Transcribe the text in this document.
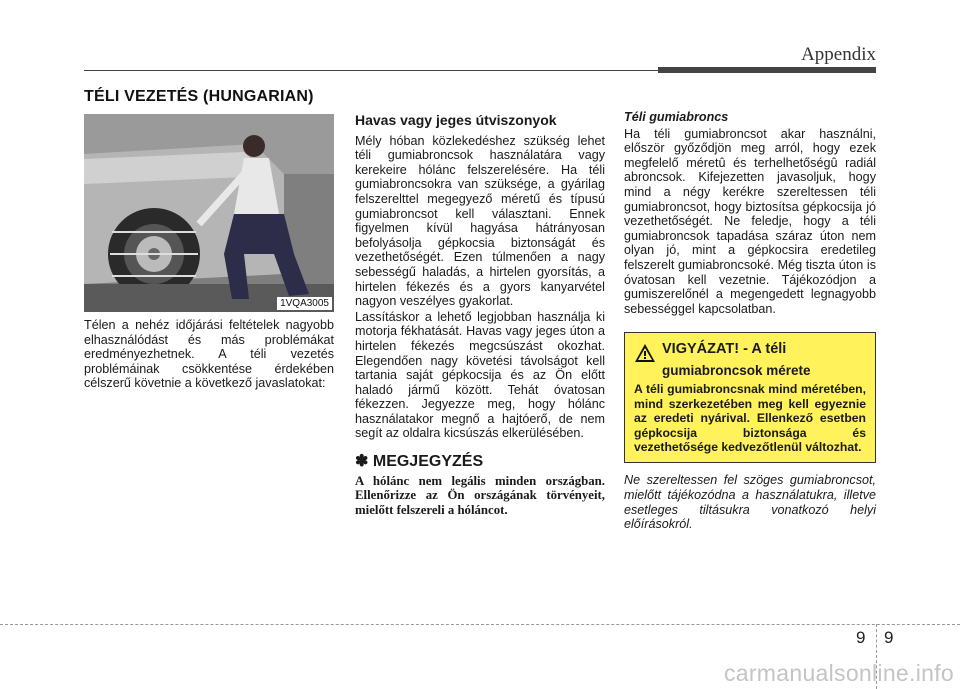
Appendix
TÉLI VEZETÉS (HUNGARIAN)
1VQA3005

Télen a nehéz időjárási feltételek nagyobb elhasználódást és más problémákat eredményezhetnek. A téli vezetés problémáinak csökkentése érdekében célszerű követnie a következő javaslatokat:

Havas vagy jeges útviszonyok

Mély hóban közlekedéshez szükség lehet téli gumiabroncsok használatára vagy kerekeire hólánc felszerelésére. Ha téli gumiabroncsokra van szüksége, a gyárilag felszerelttel megegyező méretű és típusú gumiabroncsot kell választani. Ennek figyelmen kívül hagyása hátrányosan befolyásolja gépkocsia biztonságát és vezethetőségét. Ezen túlmenően a nagy sebességű haladás, a hirtelen gyorsítás, a hirtelen fékezés és a gyors kanyarvétel nagyon veszélyes gyakorlat.

Lassításkor a lehető legjobban használja ki motorja fékhatását. Havas vagy jeges úton a hirtelen fékezés megcsúszást okozhat. Elegendően nagy követési távolságot kell tartania saját gépkocsija és az Ön előtt haladó jármű között. Tehát óvatosan fékezzen. Jegyezze meg, hogy hólánc használatakor megnő a hajtóerő, de nem segít az oldalra kicsúszás elkerülésében.

✽ MEGJEGYZÉS
A hólánc nem legális minden országban. Ellenőrizze az Ön országának törvényeit, mielőtt felszereli a hóláncot.
Téli gumiabroncs

Ha téli gumiabroncsot akar használni, először győződjön meg arról, hogy ezek megfelelő méretû és terhelhetőségû radiál abroncsok. Kifejezetten javasoljuk, hogy mind a négy kerékre szereltessen téli gumiabroncsot, hogy biztosítsa gépkocsija jó vezethetőségét. Ne feledje, hogy a téli gumiabroncsok tapadása száraz úton nem olyan jó, mint a gépkocsira eredetileg felszerelt gumiabroncsoké. Még tiszta úton is óvatosan kell vezetnie. Tájékozódjon a gumiszerelőnél a megengedett legnagyobb sebességgel kapcsolatban.

VIGYÁZAT! - A téli
gumiabroncsok mérete
A téli gumiabroncsnak mind méretében, mind szerkezetében meg kell egyeznie az eredeti nyárival. Ellenkező esetben gépkocsija biztonsága és vezethetősége kedvezőtlenül változhat.

Ne szereltessen fel szöges gumiabroncsot, mielőtt tájékozódna a használatukra, illetve esetleges tiltásukra vonatkozó helyi előírásokról.

9 9
carmanualsonline.info
